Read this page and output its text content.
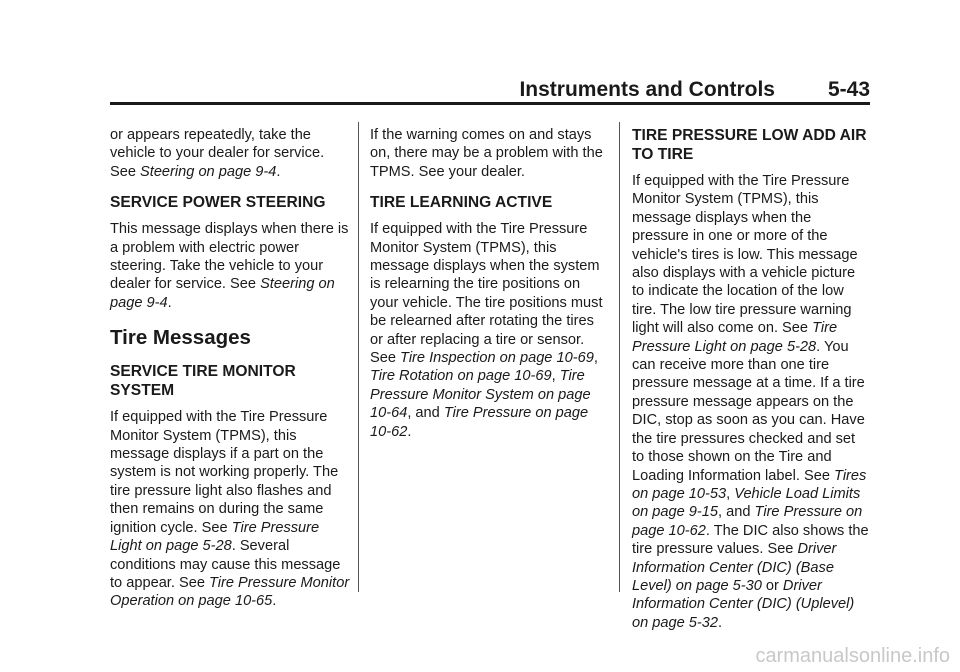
Instruments and Controls	5-43

or appears repeatedly, take the vehicle to your dealer for service. See Steering on page 9-4.

SERVICE POWER STEERING

This message displays when there is a problem with electric power steering. Take the vehicle to your dealer for service. See Steering on page 9-4.

Tire Messages
SERVICE TIRE MONITOR SYSTEM

If equipped with the Tire Pressure Monitor System (TPMS), this message displays if a part on the system is not working properly. The tire pressure light also flashes and then remains on during the same ignition cycle. See Tire Pressure Light on page 5-28. Several conditions may cause this message to appear. See Tire Pressure Monitor Operation on page 10-65.

If the warning comes on and stays on, there may be a problem with the TPMS. See your dealer.

TIRE LEARNING ACTIVE

If equipped with the Tire Pressure Monitor System (TPMS), this message displays when the system is relearning the tire positions on your vehicle. The tire positions must be relearned after rotating the tires or after replacing a tire or sensor. See Tire Inspection on page 10-69, Tire Rotation on page 10-69, Tire Pressure Monitor System on page 10-64, and Tire Pressure on page 10-62.

TIRE PRESSURE LOW ADD AIR TO TIRE

If equipped with the Tire Pressure Monitor System (TPMS), this message displays when the pressure in one or more of the vehicle's tires is low. This message also displays with a vehicle picture to indicate the location of the low tire. The low tire pressure warning light will also come on. See Tire Pressure Light on page 5-28. You can receive more than one tire pressure message at a time. If a tire pressure message appears on the DIC, stop as soon as you can. Have the tire pressures checked and set to those shown on the Tire and Loading Information label. See Tires on page 10-53, Vehicle Load Limits on page 9-15, and Tire Pressure on page 10-62. The DIC also shows the tire pressure values. See Driver Information Center (DIC) (Base Level) on page 5-30 or Driver Information Center (DIC) (Uplevel) on page 5-32.

carmanualsonline.info
